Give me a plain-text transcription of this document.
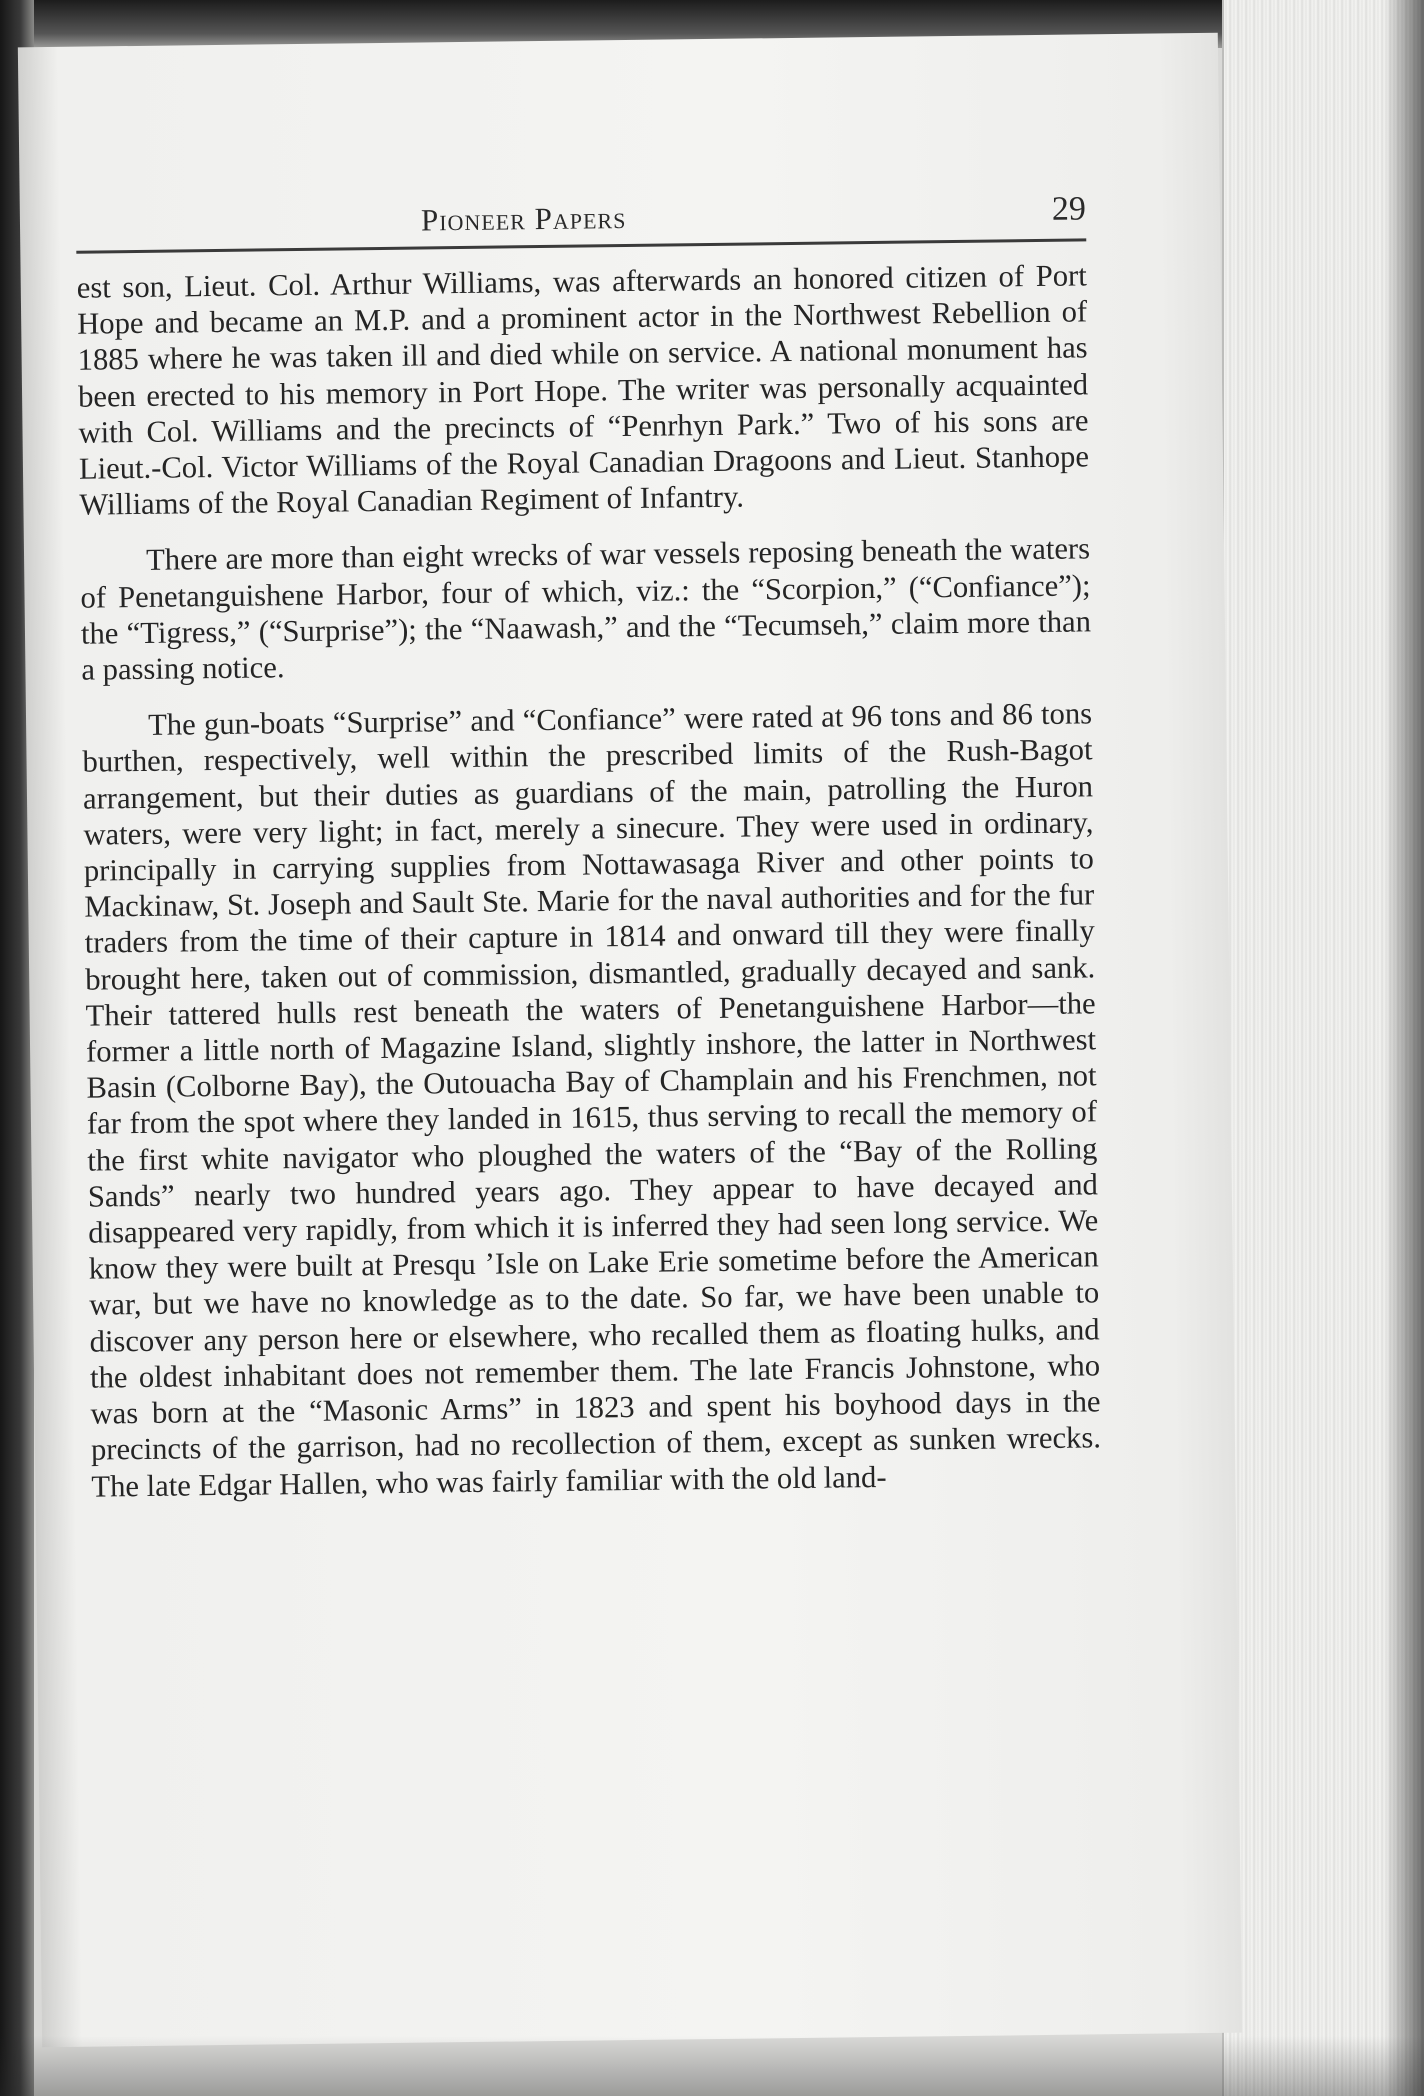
Pioneer Papers	29

est son, Lieut. Col. Arthur Williams, was afterwards an honored citizen of Port Hope and became an M.P. and a prominent actor in the Northwest Rebellion of 1885 where he was taken ill and died while on service. A national monument has been erected to his memory in Port Hope. The writer was personally acquainted with Col. Williams and the precincts of “Penrhyn Park.” Two of his sons are Lieut.-Col. Victor Williams of the Royal Canadian Dragoons and Lieut. Stanhope Williams of the Royal Canadian Regiment of Infantry.

There are more than eight wrecks of war vessels reposing beneath the waters of Penetanguishene Harbor, four of which, viz.: the “Scorpion,” (“Confiance”); the “Tigress,” (“Surprise”); the “Naawash,” and the “Tecumseh,” claim more than a passing notice.

The gun-boats “Surprise” and “Confiance” were rated at 96 tons and 86 tons burthen, respectively, well within the prescribed limits of the Rush-Bagot arrangement, but their duties as guardians of the main, patrolling the Huron waters, were very light; in fact, merely a sinecure. They were used in ordinary, principally in carrying supplies from Nottawasaga River and other points to Mackinaw, St. Joseph and Sault Ste. Marie for the naval authorities and for the fur traders from the time of their capture in 1814 and onward till they were finally brought here, taken out of commission, dismantled, gradually decayed and sank. Their tattered hulls rest beneath the waters of Penetanguishene Harbor—the former a little north of Magazine Island, slightly inshore, the latter in Northwest Basin (Colborne Bay), the Outouacha Bay of Champlain and his Frenchmen, not far from the spot where they landed in 1615, thus serving to recall the memory of the first white navigator who ploughed the waters of the “Bay of the Rolling Sands” nearly two hundred years ago. They appear to have decayed and disappeared very rapidly, from which it is inferred they had seen long service. We know they were built at Presqu ’Isle on Lake Erie sometime before the American war, but we have no knowledge as to the date. So far, we have been unable to discover any person here or elsewhere, who recalled them as floating hulks, and the oldest inhabitant does not remember them. The late Francis Johnstone, who was born at the “Masonic Arms” in 1823 and spent his boyhood days in the precincts of the garrison, had no recollection of them, except as sunken wrecks. The late Edgar Hallen, who was fairly familiar with the old land-
